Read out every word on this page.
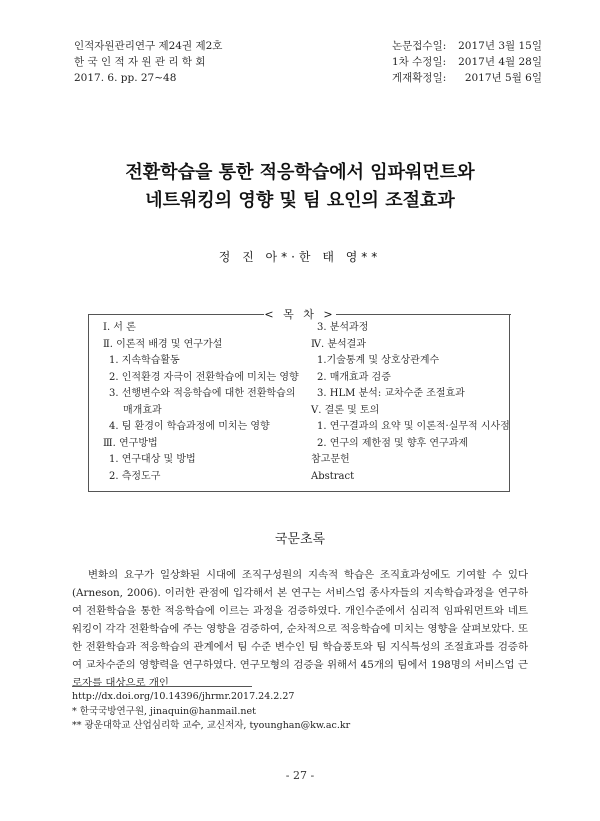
인적자원관리연구 제24권 제2호
한 국 인 적 자 원 관 리 학 회
2017. 6. pp. 27∼48
논문접수일: 2017년 3월 15일
1차 수정일: 2017년 4월 28일
게재확정일: 2017년 5월 6일
전환학습을 통한 적응학습에서 임파워먼트와
네트워킹의 영향 및 팀 요인의 조절효과
정 진 아*·한 태 영**
< 목 차 >
Ⅰ. 서 론
Ⅱ. 이론적 배경 및 연구가설
1. 지속학습활동
2. 인적환경 자극이 전환학습에 미치는 영향
3. 선행변수와 적응학습에 대한 전환학습의
매개효과
4. 팀 환경이 학습과정에 미치는 영향
Ⅲ. 연구방법
1. 연구대상 및 방법
2. 측정도구
3. 분석과정
Ⅳ. 분석결과
1.기술통계 및 상호상관계수
2. 매개효과 검증
3. HLM 분석: 교차수준 조절효과
Ⅴ. 결론 및 토의
1. 연구결과의 요약 및 이론적·실무적 시사점
2. 연구의 제한점 및 향후 연구과제
참고문헌
Abstract
국문초록

변화의 요구가 일상화된 시대에 조직구성원의 지속적 학습은 조직효과성에도 기여할 수 있다(Arneson, 2006). 이러한 관점에 입각해서 본 연구는 서비스업 종사자들의 지속학습과정을 연구하여 전환학습을 통한 적응학습에 이르는 과정을 검증하였다. 개인수준에서 심리적 임파워먼트와 네트워킹이 각각 전환학습에 주는 영향을 검증하여, 순차적으로 적응학습에 미치는 영향을 살펴보았다. 또한 전환학습과 적응학습의 관계에서 팀 수준 변수인 팀 학습풍토와 팀 지식특성의 조절효과를 검증하여 교차수준의 영향력을 연구하였다. 연구모형의 검증을 위해서 45개의 팀에서 198명의 서비스업 근로자를 대상으로 개인

http://dx.doi.org/10.14396/jhrmr.2017.24.2.27
* 한국국방연구원, jinaquin@hanmail.net
** 광운대학교 산업심리학 교수, 교신저자, tyounghan@kw.ac.kr
- 27 -
